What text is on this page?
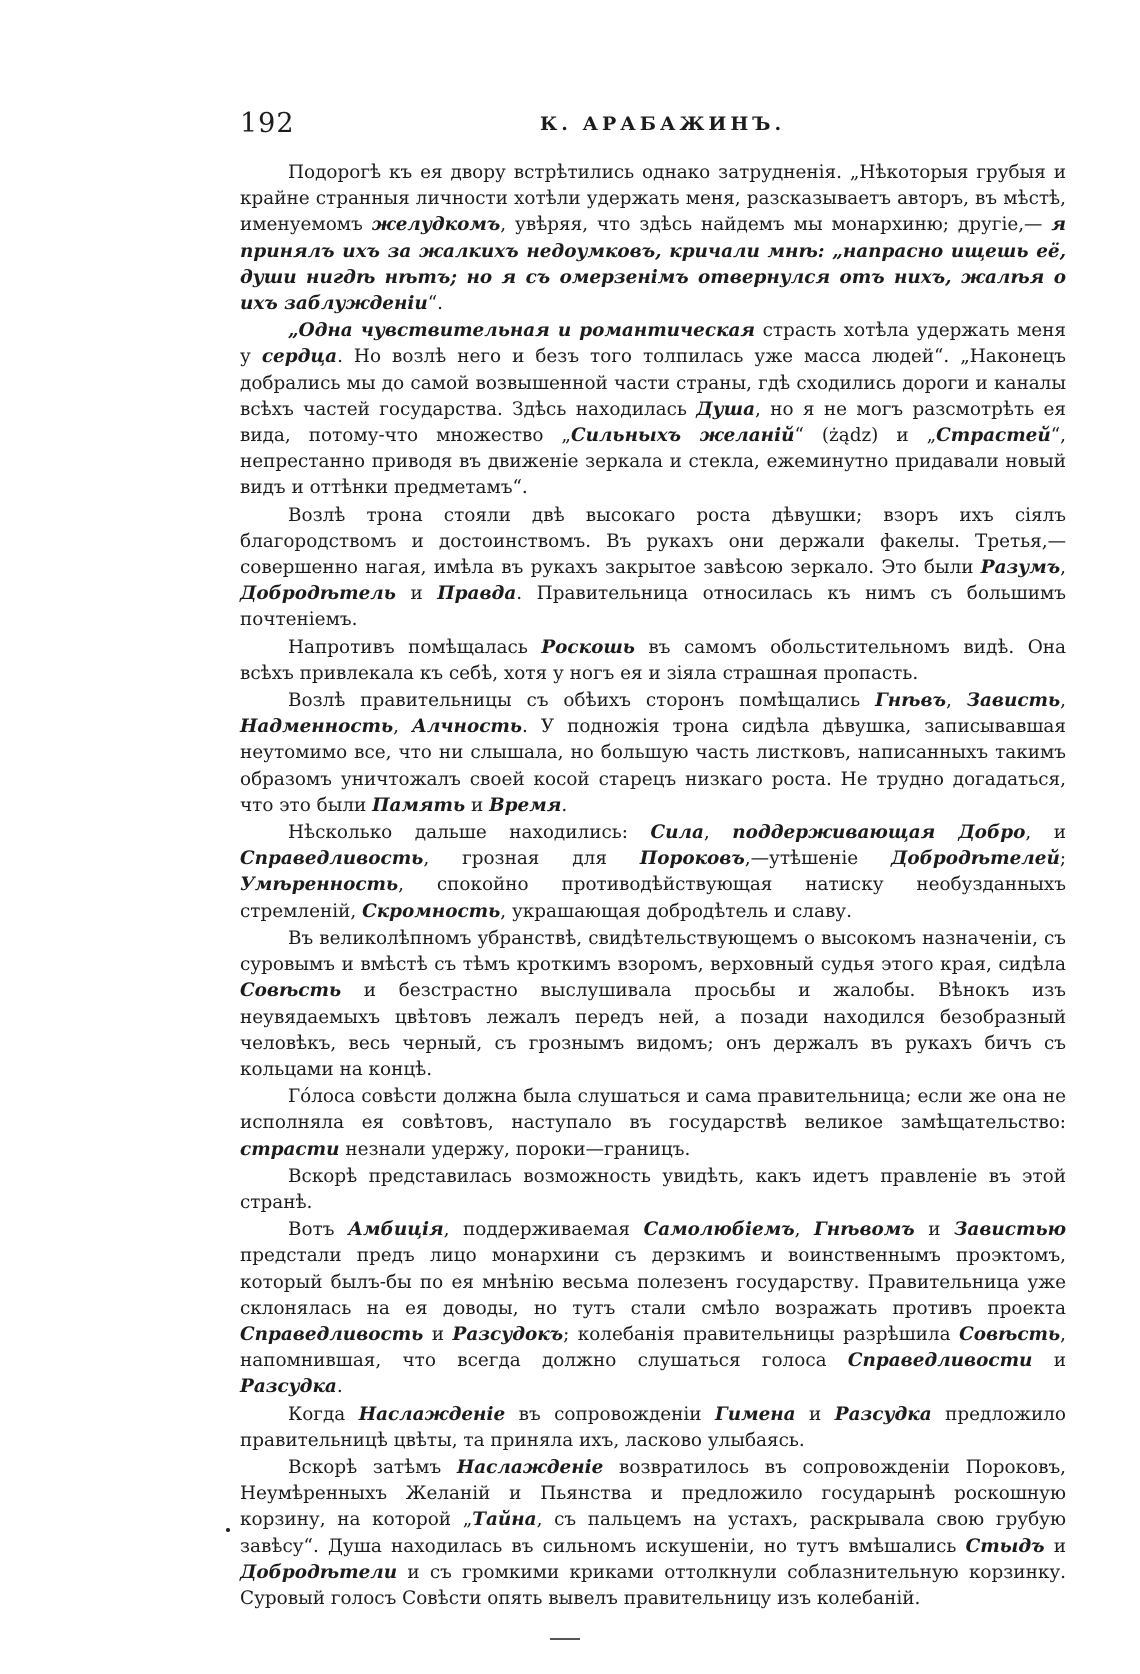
192	К. АРАБАЖИНЪ.

Подорогѣ къ ея двору встрѣтились однако затрудненія. „Нѣкоторыя грубыя и крайне странныя личности хотѣли удержать меня, разсказываетъ авторъ, въ мѣстѣ, именуемомъ желудкомъ, увѣряя, что здѣсь найдемъ мы монархиню; другіе,— я принялъ ихъ за жалкихъ недоумковъ, кричали мнѣ: „напрасно ищешь её, души нигдѣ нѣтъ; но я съ омерзенімъ отвернулся отъ нихъ, жалѣя о ихъ заблужденіи“.

„Одна чувствительная и романтическая страсть хотѣла удержать меня у сердца. Но возлѣ него и безъ того толпилась уже масса людей“. „Наконецъ добрались мы до самой возвышенной части страны, гдѣ сходились дороги и каналы всѣхъ частей государства. Здѣсь находилась Душа, но я не могъ разсмотрѣть ея вида, потому-что множество „Сильныхъ желаній“ (żądz) и „Страстей“, непрестанно приводя въ движеніе зеркала и стекла, ежеминутно придавали новый видъ и оттѣнки предметамъ“.

Возлѣ трона стояли двѣ высокаго роста дѣвушки; взоръ ихъ сіялъ благородствомъ и достоинствомъ. Въ рукахъ они держали факелы. Третья,—совершенно нагая, имѣла въ рукахъ закрытое завѣсою зеркало. Это были Разумъ, Добродѣтель и Правда. Правительница относилась къ нимъ съ большимъ почтеніемъ.

Напротивъ помѣщалась Роскошь въ самомъ обольстительномъ видѣ. Она всѣхъ привлекала къ себѣ, хотя у ногъ ея и зіяла страшная пропасть.

Возлѣ правительницы съ обѣихъ сторонъ помѣщались Гнѣвъ, Зависть, Надменность, Алчность. У подножія трона сидѣла дѣвушка, записывавшая неутомимо все, что ни слышала, но большую часть листковъ, написанныхъ такимъ образомъ уничтожалъ своей косой старецъ низкаго роста. Не трудно догадаться, что это были Память и Время.

Нѣсколько дальше находились: Сила, поддерживающая Добро, и Справедливость, грозная для Пороковъ,—утѣшеніе Добродѣтелей; Умѣренность, спокойно противодѣйствующая натиску необузданныхъ стремленій, Скромность, украшающая добродѣтель и славу.

Въ великолѣпномъ убранствѣ, свидѣтельствующемъ о высокомъ назначеніи, съ суровымъ и вмѣстѣ съ тѣмъ кроткимъ взоромъ, верховный судья этого края, сидѣла Совѣсть и безстрастно выслушивала просьбы и жалобы. Вѣнокъ изъ неувядаемыхъ цвѣтовъ лежалъ передъ ней, а позади находился безобразный человѣкъ, весь черный, съ грознымъ видомъ; онъ держалъ въ рукахъ бичъ съ кольцами на концѣ.

Го́лоса совѣсти должна была слушаться и сама правительница; если же она не исполняла ея совѣтовъ, наступало въ государствѣ великое замѣщательство: страсти незнали удержу, пороки—границъ.

Вскорѣ представилась возможность увидѣть, какъ идетъ правленіе въ этой странѣ.

Вотъ Амбиція, поддерживаемая Самолюбіемъ, Гнѣвомъ и Завистью предстали предъ лицо монархини съ дерзкимъ и воинственнымъ проэктомъ, который былъ-бы по ея мнѣнію весьма полезенъ государству. Правительница уже склонялась на ея доводы, но тутъ стали смѣло возражать противъ проекта Справедливость и Разсудокъ; колебанія правительницы разрѣшила Совѣсть, напомнившая, что всегда должно слушаться голоса Справедливости и Разсудка.

Когда Наслажденіе въ сопровожденіи Гимена и Разсудка предложило правительницѣ цвѣты, та приняла ихъ, ласково улыбаясь.

Вскорѣ затѣмъ Наслажденіе возвратилось въ сопровожденіи Пороковъ, Неумѣренныхъ Желаній и Пьянства и предложило государынѣ роскошную корзину, на которой „Тайна, съ пальцемъ на устахъ, раскрывала свою грубую завѣсу“. Душа находилась въ сильномъ искушеніи, но тутъ вмѣшались Стыдъ и Добродѣтели и съ громкими криками оттолкнули соблазнительную корзинку. Суровый голосъ Совѣсти опять вывелъ правительницу изъ колебаній.
